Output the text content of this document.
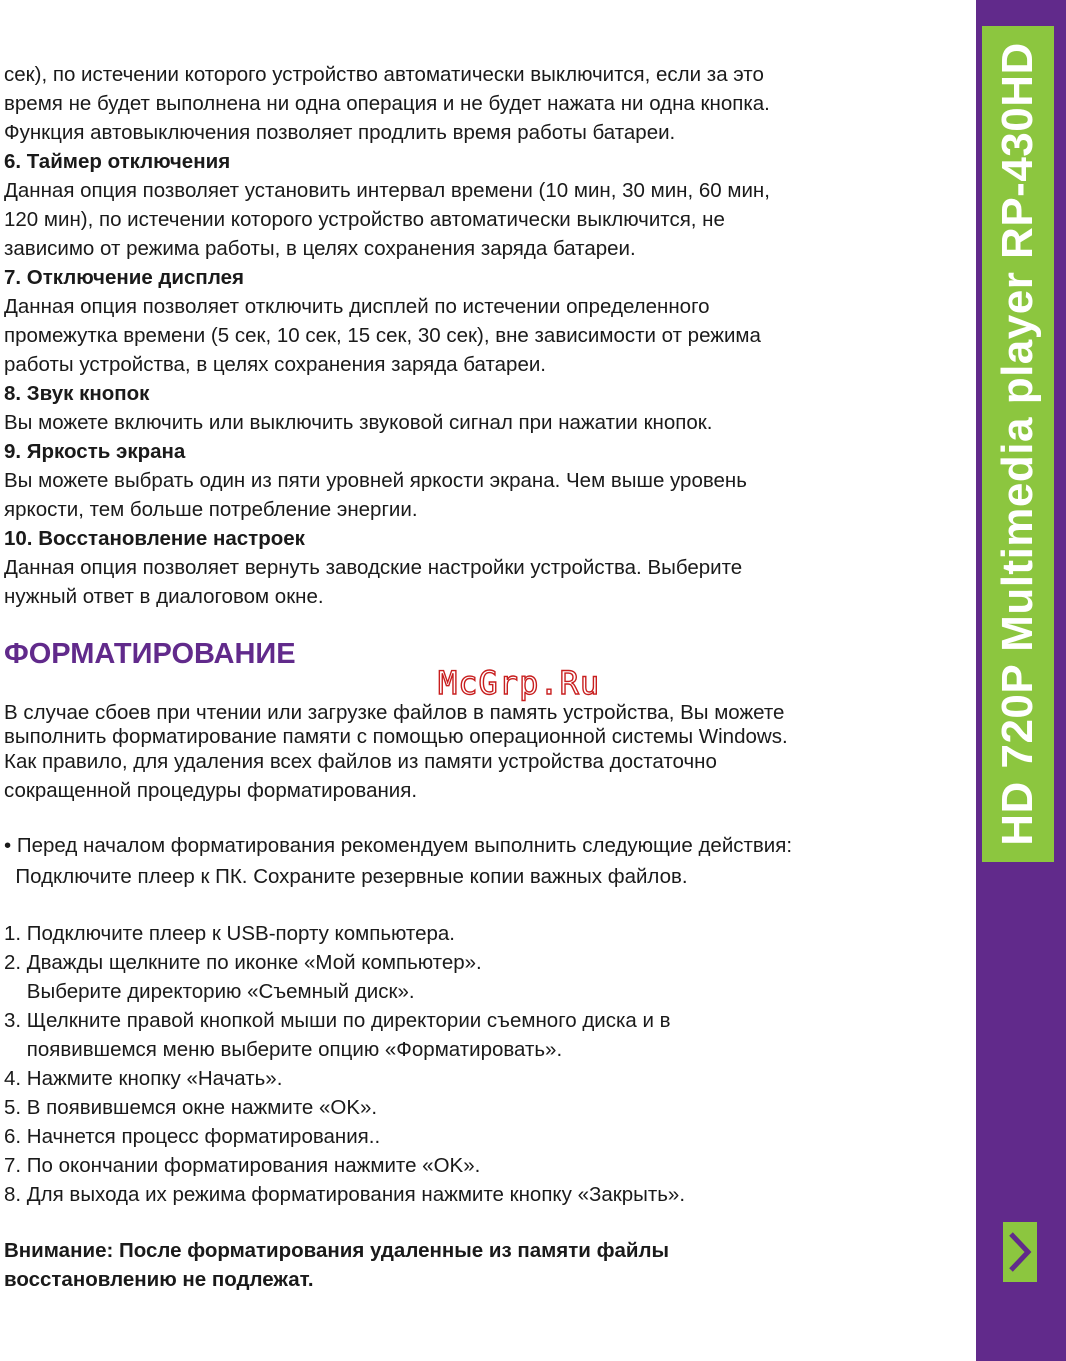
HD 720P Multimedia player RP-430HD

сек), по истечении которого устройство автоматически выключится, если за это

время не будет выполнена ни одна операция и не будет нажата ни одна кнопка.

Функция автовыключения позволяет продлить время работы батареи.

6. Таймер отключения

Данная опция позволяет установить интервал времени (10 мин, 30 мин, 60 мин,

120 мин), по истечении которого устройство автоматически выключится, не

зависимо от режима работы, в целях сохранения заряда батареи.

7. Отключение дисплея

Данная опция позволяет отключить дисплей по истечении определенного

промежутка времени (5 сек, 10 сек, 15 сек, 30 сек), вне зависимости от режима

работы устройства, в целях сохранения заряда батареи.

8. Звук кнопок

Вы можете включить или выключить звуковой сигнал при нажатии кнопок.

9. Яркость экрана

Вы можете выбрать один из пяти уровней яркости экрана. Чем выше уровень

яркости, тем больше потребление энергии.

10. Восстановление настроек

Данная опция позволяет вернуть заводские настройки устройства. Выберите

нужный ответ в диалоговом окне.

ФОРМАТИРОВАНИЕ
McGrp.Ru

В случае сбоев при чтении или загрузке файлов в память устройства, Вы можете

выполнить форматирование памяти с помощью операционной системы Windows.

Как правило, для удаления всех файлов из памяти устройства достаточно

сокращенной процедуры форматирования.

• Перед началом форматирования рекомендуем выполнить следующие действия:

Подключите плеер к ПК. Сохраните резервные копии важных файлов.

1. Подключите плеер к USB-порту компьютера.

2. Дважды щелкните по иконке «Мой компьютер».

Выберите директорию «Съемный диск».

3. Щелкните правой кнопкой мыши по директории съемного диска и в

появившемся меню выберите опцию «Форматировать».

4. Нажмите кнопку «Начать».

5. В появившемся окне нажмите «OK».

6. Начнется процесс форматирования..

7. По окончании форматирования нажмите «OK».

8. Для выхода их режима форматирования нажмите кнопку «Закрыть».

Внимание: После форматирования удаленные из памяти файлы

восстановлению не подлежат.
